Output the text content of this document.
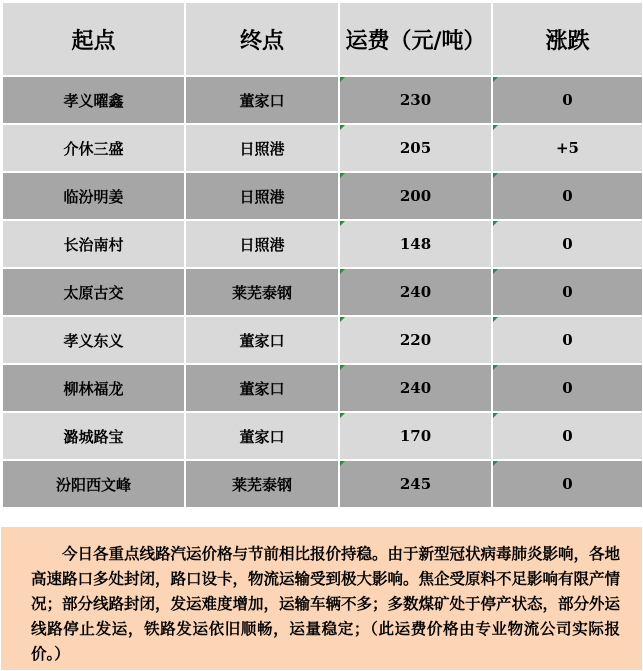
起点	终点	运费（元/吨）	涨跌
孝义曜鑫	董家口	230	0
介休三盛	日照港	205	+5
临汾明姜	日照港	200	0
长治南村	日照港	148	0
太原古交	莱芜泰钢	240	0
孝义东义	董家口	220	0
柳林福龙	董家口	240	0
潞城路宝	董家口	170	0
汾阳西文峰	莱芜泰钢	245	0
今日各重点线路汽运价格与节前相比报价持稳。由于新型冠状病毒肺炎影响，各地高速路口多处封闭，路口设卡，物流运输受到极大影响。焦企受原料不足影响有限产情况；部分线路封闭，发运难度增加，运输车辆不多；多数煤矿处于停产状态，部分外运线路停止发运，铁路发运依旧顺畅，运量稳定；（此运费价格由专业物流公司实际报价。）
